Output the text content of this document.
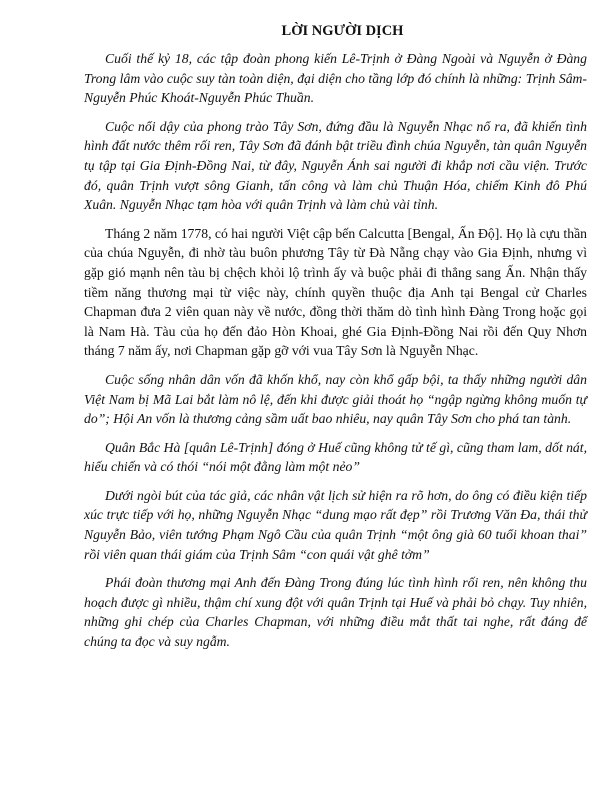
LỜI NGƯỜI DỊCH

Cuối thế kỷ 18, các tập đoàn phong kiến Lê-Trịnh ở Đàng Ngoài và Nguyễn ở Đàng Trong lâm vào cuộc suy tàn toàn diện, đại diện cho tầng lớp đó chính là những: Trịnh Sâm-Nguyễn Phúc Khoát-Nguyễn Phúc Thuần.

Cuộc nổi dậy của phong trào Tây Sơn, đứng đầu là Nguyễn Nhạc nổ ra, đã khiến tình hình đất nước thêm rối ren, Tây Sơn đã đánh bật triều đình chúa Nguyễn, tàn quân Nguyễn tụ tập tại Gia Định-Đồng Nai, từ đây, Nguyễn Ánh sai người đi khắp nơi cầu viện. Trước đó, quân Trịnh vượt sông Gianh, tấn công và làm chủ Thuận Hóa, chiếm Kinh đô Phú Xuân. Nguyễn Nhạc tạm hòa với quân Trịnh và làm chủ vài tỉnh.

Tháng 2 năm 1778, có hai người Việt cập bến Calcutta [Bengal, Ấn Độ]. Họ là cựu thần của chúa Nguyễn, đi nhờ tàu buôn phương Tây từ Đà Nẵng chạy vào Gia Định, nhưng vì gặp gió mạnh nên tàu bị chệch khỏi lộ trình ấy và buộc phải đi thẳng sang Ấn. Nhận thấy tiềm năng thương mại từ việc này, chính quyền thuộc địa Anh tại Bengal cử Charles Chapman đưa 2 viên quan này về nước, đồng thời thăm dò tình hình Đàng Trong hoặc gọi là Nam Hà. Tàu của họ đến đảo Hòn Khoai, ghé Gia Định-Đồng Nai rồi đến Quy Nhơn tháng 7 năm ấy, nơi Chapman gặp gỡ với vua Tây Sơn là Nguyễn Nhạc.

Cuộc sống nhân dân vốn đã khốn khổ, nay còn khổ gấp bội, ta thấy những người dân Việt Nam bị Mã Lai bắt làm nô lệ, đến khi được giải thoát họ “ngập ngừng không muốn tự do”; Hội An vốn là thương cảng sầm uất bao nhiêu, nay quân Tây Sơn cho phá tan tành.

Quân Bắc Hà [quân Lê-Trịnh] đóng ở Huế cũng không tử tế gì, cũng tham lam, dốt nát, hiếu chiến và có thói “nói một đằng làm một nẻo”

Dưới ngòi bút của tác giả, các nhân vật lịch sử hiện ra rõ hơn, do ông có điều kiện tiếp xúc trực tiếp với họ, những Nguyễn Nhạc “dung mạo rất đẹp” rồi Trương Văn Đa, thái thử Nguyễn Bảo, viên tướng Phạm Ngô Cầu của quân Trịnh “một ông già 60 tuổi khoan thai” rồi viên quan thái giám của Trịnh Sâm “con quái vật ghê tởm”

Phái đoàn thương mại Anh đến Đàng Trong đúng lúc tình hình rối ren, nên không thu hoạch được gì nhiều, thậm chí xung đột với quân Trịnh tại Huế và phải bỏ chạy. Tuy nhiên, những ghi chép của Charles Chapman, với những điều mắt thất tai nghe, rất đáng để chúng ta đọc và suy ngẫm.
